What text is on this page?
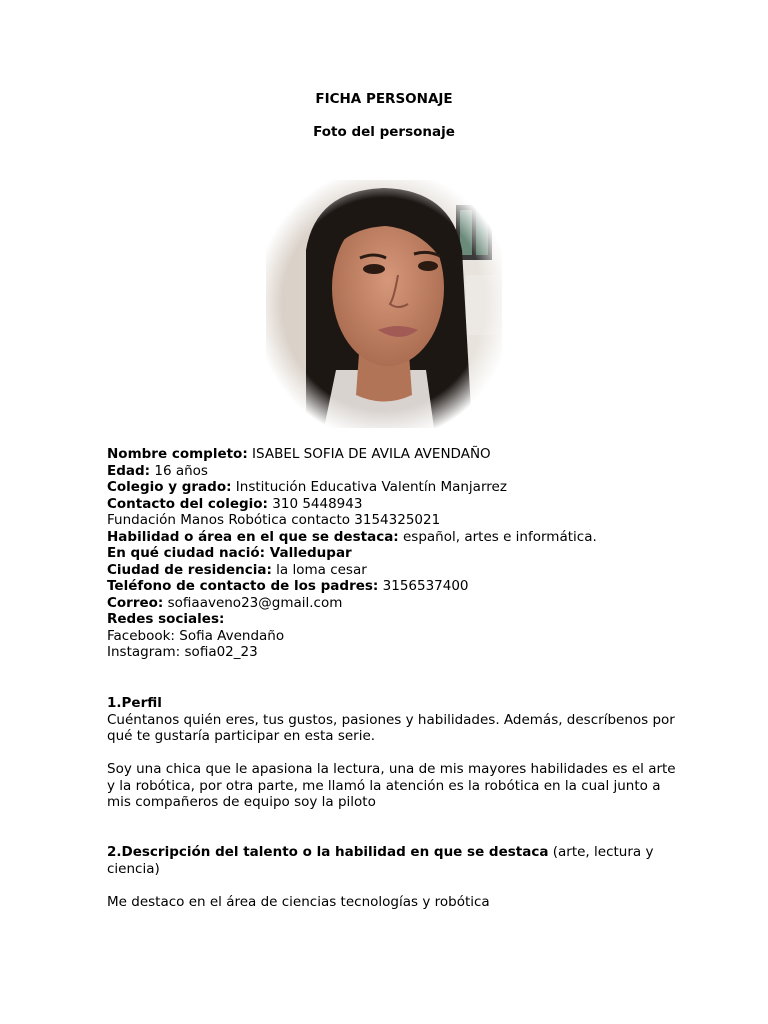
FICHA PERSONAJE
Foto del personaje
Nombre completo: ISABEL SOFIA DE AVILA AVENDAÑO
Edad: 16 años
Colegio y grado: Institución Educativa Valentín Manjarrez
Contacto del colegio: 310 5448943
Fundación Manos Robótica contacto 3154325021
Habilidad o área en el que se destaca: español, artes e informática.
En qué ciudad nació: Valledupar
Ciudad de residencia: la loma cesar
Teléfono de contacto de los padres: 3156537400
Correo: sofiaaveno23@gmail.com
Redes sociales:
Facebook: Sofia Avendaño
Instagram: sofia02_23
1.Perfil
Cuéntanos quién eres, tus gustos, pasiones y habilidades. Además, descríbenos por qué te gustaría participar en esta serie.
Soy una chica que le apasiona la lectura, una de mis mayores habilidades es el arte y la robótica, por otra parte, me llamó la atención es la robótica en la cual junto a mis compañeros de equipo soy la piloto
2.Descripción del talento o la habilidad en que se destaca (arte, lectura y ciencia)
Me destaco en el área de ciencias tecnologías y robótica
